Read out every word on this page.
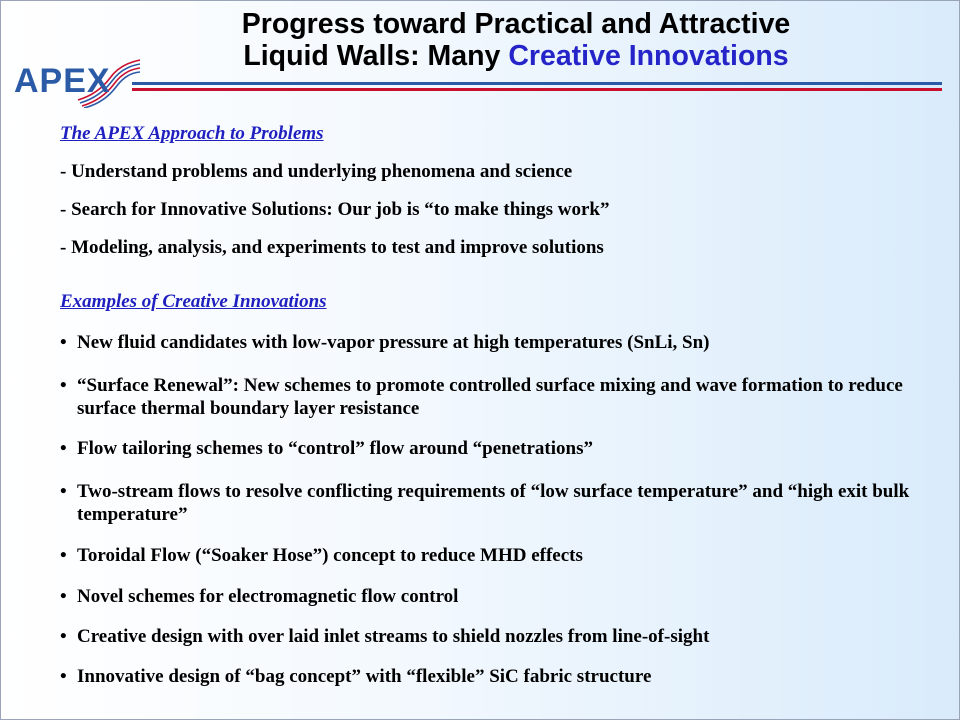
APEX
Progress toward Practical and Attractive
Liquid Walls: Many Creative Innovations
The APEX Approach to Problems
- Understand problems and underlying phenomena and science
- Search for Innovative Solutions: Our job is “to make things work”
- Modeling, analysis, and experiments to test and improve solutions
Examples of Creative Innovations
• New fluid candidates with low-vapor pressure at high temperatures (SnLi, Sn)
• “Surface Renewal”: New schemes to promote controlled surface mixing and wave formation to reduce surface thermal boundary layer resistance
• Flow tailoring schemes to “control” flow around “penetrations”
• Two-stream flows to resolve conflicting requirements of “low surface temperature” and “high exit bulk temperature”
• Toroidal Flow (“Soaker Hose”) concept to reduce MHD effects
• Novel schemes for electromagnetic flow control
• Creative design with over laid inlet streams to shield nozzles from line-of-sight
• Innovative design of “bag concept” with “flexible” SiC fabric structure
